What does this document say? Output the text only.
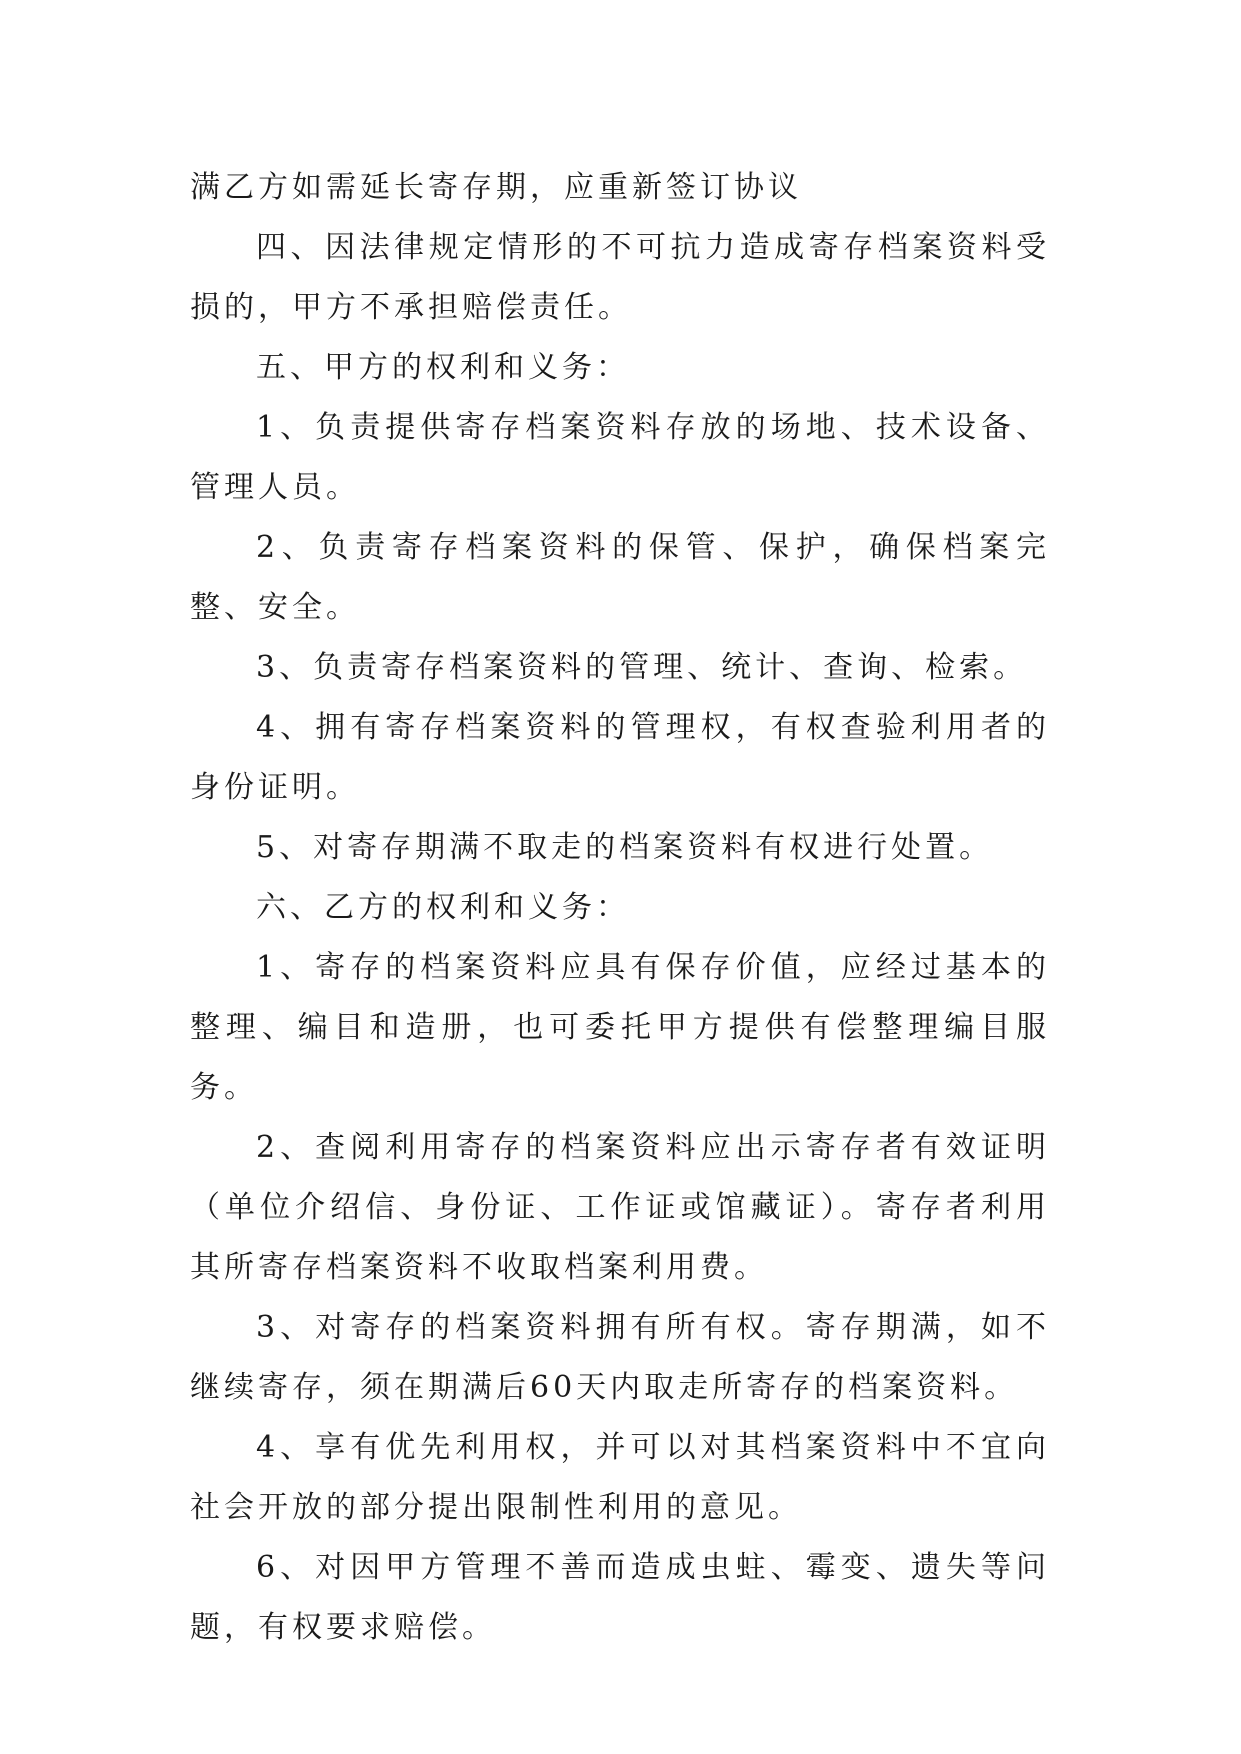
满乙方如需延长寄存期，应重新签订协议

四、因法律规定情形的不可抗力造成寄存档案资料受损的，甲方不承担赔偿责任。

五、甲方的权利和义务：

1、负责提供寄存档案资料存放的场地、技术设备、管理人员。

2、负责寄存档案资料的保管、保护，确保档案完整、安全。

3、负责寄存档案资料的管理、统计、查询、检索。

4、拥有寄存档案资料的管理权，有权查验利用者的身份证明。

5、对寄存期满不取走的档案资料有权进行处置。

六、乙方的权利和义务：

1、寄存的档案资料应具有保存价值，应经过基本的整理、编目和造册，也可委托甲方提供有偿整理编目服务。

2、查阅利用寄存的档案资料应出示寄存者有效证明（单位介绍信、身份证、工作证或馆藏证）。寄存者利用其所寄存档案资料不收取档案利用费。

3、对寄存的档案资料拥有所有权。寄存期满，如不继续寄存，须在期满后60天内取走所寄存的档案资料。

4、享有优先利用权，并可以对其档案资料中不宜向社会开放的部分提出限制性利用的意见。

6、对因甲方管理不善而造成虫蛀、霉变、遗失等问题，有权要求赔偿。
